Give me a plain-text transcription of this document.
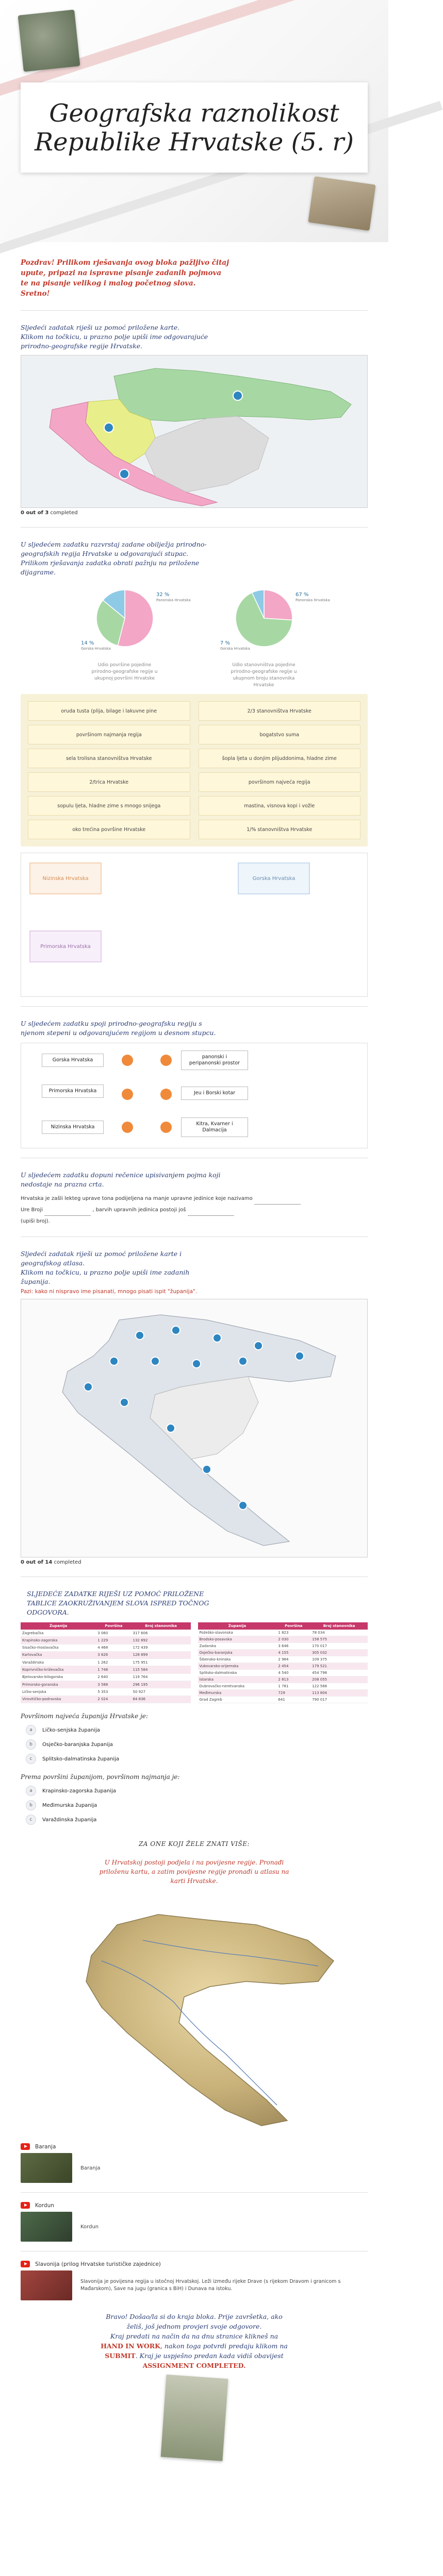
Geografska raznolikost
Republike Hrvatske (5. r)
Pozdrav! Prilikom rješavanja ovog bloka pažljivo čitaj
upute, pripazi na ispravne pisanje zadanih pojmova
te na pisanje velikog i malog početnog slova.
Sretno!
Sljedeći zadatak riješi uz pomoć priložene karte.
Klikom na točkicu, u prazno polje upiši ime odgovarajuće
prirodno-geografske regije Hrvatske.
0 out of 3 completed
U sljedećem zadatku razvrstaj zadane obilježja prirodno-
geografskih regija Hrvatske u odgovarajući stupac.
Prilikom rješavanja zadatka obrati pažnju na priložene
dijagrame.
32 %
Panonska Hrvatska
14 %
Gorska Hrvatska
Udio površine pojedine
prirodno-geografske regije u
ukupnoj površini Hrvatske
67 %
Panonska Hrvatska
7 %
Gorska Hrvatska
Udio stanovništva pojedine
prirodno-geografske regije u
ukupnom broju stanovnika
Hrvatske
oruda tusta (plija, bilage i lakuvne pine	2/3 stanovništva Hrvatske
površinom najmanja regija	bogatstvo suma
sela trolisna stanovništva Hrvatske	šopla ljeta u donjim plijuddonima, hladne zime
2/trica Hrvatske	površinom najveća regija
sopulu ljeta, hladne zime s mnogo snijega	mastina, visnova kopi i vožle
oko trećina površine Hrvatske	1/% stanovništva Hrvatske
Nizinska Hrvatska	Gorska Hrvatska
Primorska Hrvatska
U sljedećem zadatku spoji prirodno-geografsku regiju s
njenom stepeni u odgovarajućem regijom u desnom stupcu.
Gorska Hrvatska
Primorska Hrvatska
Nizinska Hrvatska
panonski i peripanonski prostor
Jeu i Borski kotar
Kitra, Kvarner i Dalmacija
U sljedećem zadatku dopuni rečenice upisivanjem pojma koji
nedostaje na prazna crta.
Hrvatska je zašli lekteg uprave tona podijeljena na manje upravne jedinice koje nazivamo
Ure Broji	, barvih upravnih jedinica postoji još
(upiši broj).
Sljedeći zadatak riješi uz pomoć priložene karte i
geografskog atlasa.
Klikom na točkicu, u prazno polje upiši ime zadanih
županija.
Pazi: kako ni nispravo ime pisanati, mnogo pisati ispit "županija".
0 out of 14 completed
SLJEDEĆE ZADATKE RIJEŠI UZ POMOĆ PRILOŽENE
TABLICE ZAOKRUŽIVANJEM SLOVA ISPRED TOČNOG
ODGOVORA.
Županija	Površina	Broj stanovnika
Zagrebačka	3 060	317 606
Krapinsko-zagorska	1 229	132 892
Sisačko-moslavačka	4 468	172 439
Karlovačka	3 626	128 899
Varaždinska	1 262	175 951
Koprivničko-križevačka	1 748	115 584
Bjelovarsko-bilogorska	2 640	119 764
Primorsko-goranska	3 588	296 195
Ličko-senjska	5 353	50 927
Virovitičko-podravska	2 024	84 836
Županija	Površina	Broj stanovnika
Požeško-slavonska	1 823	78 034
Brodsko-posavska	2 030	158 575
Zadarska	3 646	170 017
Osječko-baranjska	4 155	305 032
Šibensko-kninska	2 984	109 375
Vukovarsko-srijemska	2 454	179 521
Splitsko-dalmatinska	4 540	454 798
Istarska	2 813	208 055
Dubrovačko-neretvanska	1 781	122 568
Međimurska	729	113 804
Grad Zagreb	641	790 017
Površinom najveća županija Hrvatske je:
a	Ličko-senjska županija
b	Osječko-baranjska županija
c	Splitsko-dalmatinska županija
Prema površini županijom, površinom najmanja je:
a	Krapinsko-zagorska županija
b	Međimurska županija
c	Varaždinska županija
ZA ONE KOJI ŽELE ZNATI VIŠE:
U Hrvatskoj postoji podjela i na povijesne regije. Pronađi
priloženu kartu, a zatim povijesne regije pronađi u atlasu na
karti Hrvatske.
Baranja
Baranja
Kordun
Kordun
Slavonija (prilog Hrvatske turističke zajednice)
Slavonija je povijesna regija u istočnoj Hrvatskoj. Leži između rijeke Drave (s rijekom Dravom i granicom s Mađarskom), Save na jugu (granica s BiH) i Dunava na istoku.
Bravo! Došao/la si do kraja bloka. Prije završetka, ako
želiš, još jednom provjeri svoje odgovore.
Kraj predati na način da na dnu stranice klikneš na
HAND IN WORK, nakon toga potvrdi predaju klikom na
SUBMIT. Kraj je uspješno predan kada vidiš obavijest
ASSIGNMENT COMPLETED.
